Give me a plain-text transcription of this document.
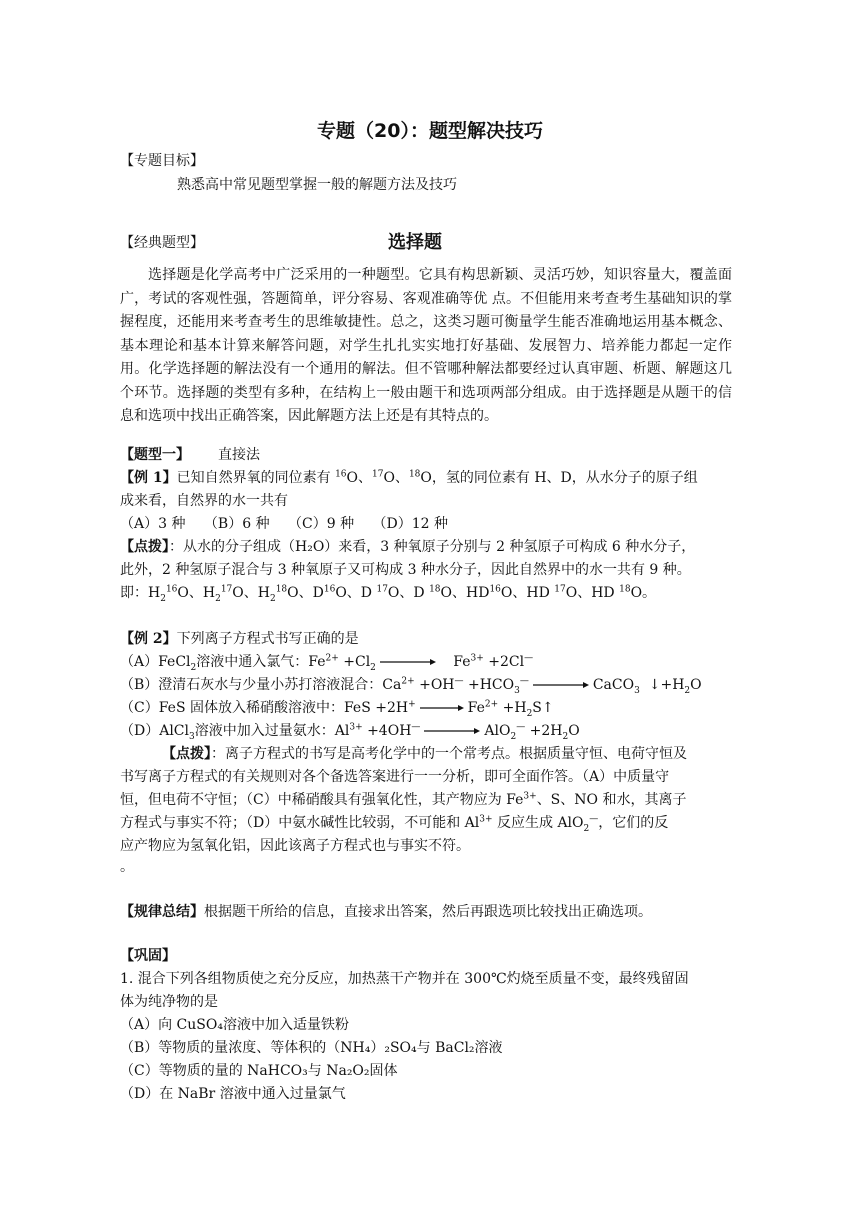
专题（20）：题型解决技巧
【专题目标】
熟悉高中常见题型掌握一般的解题方法及技巧
【经典题型】	选择题
选择题是化学高考中广泛采用的一种题型。它具有构思新颖、灵活巧妙，知识容量大，覆盖面广，考试的客观性强，答题简单，评分容易、客观准确等优 点。不但能用来考查考生基础知识的掌握程度，还能用来考查考生的思维敏捷性。总之，这类习题可衡量学生能否准确地运用基本概念、基本理论和基本计算来解答问题，对学生扎扎实实地打好基础、发展智力、培养能力都起一定作用。化学选择题的解法没有一个通用的解法。但不管哪种解法都要经过认真审题、析题、解题这几个环节。选择题的类型有多种，在结构上一般由题干和选项两部分组成。由于选择题是从题干的信息和选项中找出正确答案，因此解题方法上还是有其特点的。
【题型一】 直接法
【例 1】已知自然界氧的同位素有 $^{16}$O、$^{17}$O、$^{18}$O，氢的同位素有 H、D，从水分子的原子组
成来看，自然界的水一共有
（A）3 种　 （B）6 种　 （C）9 种　 （D）12 种
【点拨】：从水的分子组成（H₂O）来看，3 种氧原子分别与 2 种氢原子可构成 6 种水分子，
此外，2 种氢原子混合与 3 种氧原子又可构成 3 种水分子，因此自然界中的水一共有 9 种。
即：$H_2^{16}O$、$H_2^{17}O$、$H_2^{18}O$、$D^{16}O$、D $^{17}$O、D $^{18}$O、HD$^{16}$O、HD $^{17}$O、HD $^{18}$O。
【例 2】下列离子方程式书写正确的是
（A）FeCl$_2$溶液中通入氯气：$Fe^{2+} +Cl_2 \to Fe^{3+} +2Cl^—$
（B）澄清石灰水与少量小苏打溶液混合：$Ca^{2+} +OH^— +HCO_3^—$ → CaCO$_3$  $↓+H_2O$
（C）FeS 固体放入稀硝酸溶液中：FeS $+2H^+ \to Fe^{2+}$ $+H_2S↑$
（D）AlCl$_3$溶液中加入过量氨水：$Al^{3+} +4OH^— \to AlO_2^— +2H_2O$
【点拨】：离子方程式的书写是高考化学中的一个常考点。根据质量守恒、电荷守恒及
书写离子方程式的有关规则对各个备选答案进行一一分析，即可全面作答。（A）中质量守
恒，但电荷不守恒；（C）中稀硝酸具有强氧化性，其产物应为 $Fe^{3+}$、S、NO 和水，其离子
方程式与事实不符；（D）中氨水碱性比较弱，不可能和 $Al^{3+}$ 反应生成 AlO$_2$—，它们的反
应产物应为氢氧化铝，因此该离子方程式也与事实不符。
。
【规律总结】根据题干所给的信息，直接求出答案，然后再跟选项比较找出正确选项。
【巩固】
1. 混合下列各组物质使之充分反应，加热蒸干产物并在 300℃灼烧至质量不变，最终残留固
体为纯净物的是
（A）向 CuSO₄溶液中加入适量铁粉
（B）等物质的量浓度、等体积的（NH₄）₂SO₄与 BaCl₂溶液
（C）等物质的量的 NaHCO₃与 Na₂O₂固体
（D）在 NaBr 溶液中通入过量氯气
